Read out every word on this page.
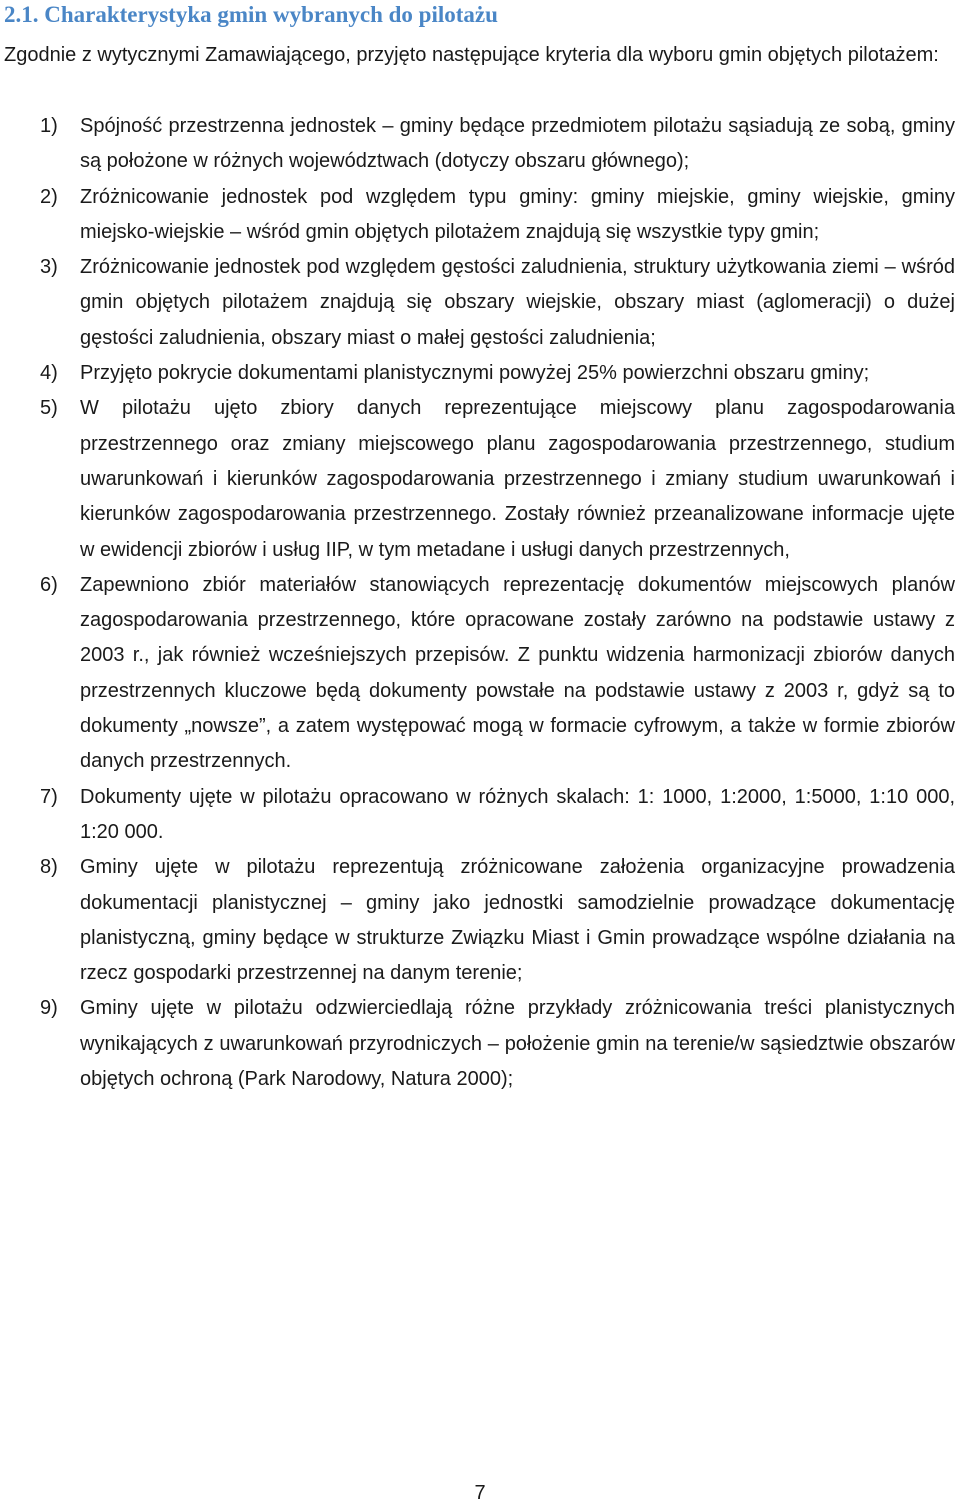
2.1. Charakterystyka gmin wybranych do pilotażu

Zgodnie z wytycznymi Zamawiającego, przyjęto następujące kryteria dla wyboru gmin objętych pilotażem:

1)	Spójność przestrzenna jednostek – gminy będące przedmiotem pilotażu sąsiadują ze sobą, gminy są położone w różnych województwach (dotyczy obszaru głównego);
2)	Zróżnicowanie jednostek pod względem typu gminy: gminy miejskie, gminy wiejskie, gminy miejsko-wiejskie – wśród gmin objętych pilotażem znajdują się wszystkie typy gmin;
3)	Zróżnicowanie jednostek pod względem gęstości zaludnienia, struktury użytkowania ziemi – wśród gmin objętych pilotażem znajdują się obszary wiejskie, obszary miast (aglomeracji) o dużej gęstości zaludnienia, obszary miast o małej gęstości zaludnienia;
4)	Przyjęto pokrycie dokumentami planistycznymi powyżej 25% powierzchni obszaru gminy;
5)	W pilotażu ujęto zbiory danych reprezentujące miejscowy planu zagospodarowania przestrzennego oraz zmiany miejscowego planu zagospodarowania przestrzennego, studium uwarunkowań i kierunków zagospodarowania przestrzennego i zmiany studium uwarunkowań i kierunków zagospodarowania przestrzennego. Zostały również przeanalizowane informacje ujęte w ewidencji zbiorów i usług IIP, w tym metadane i usługi danych przestrzennych,
6)	Zapewniono zbiór materiałów stanowiących reprezentację dokumentów miejscowych planów zagospodarowania przestrzennego, które opracowane zostały zarówno na podstawie ustawy z 2003 r., jak również wcześniejszych przepisów. Z punktu widzenia harmonizacji zbiorów danych przestrzennych kluczowe będą dokumenty powstałe na podstawie ustawy z 2003 r, gdyż są to dokumenty „nowsze”, a zatem występować mogą w formacie cyfrowym, a także w formie zbiorów danych przestrzennych.
7)	Dokumenty ujęte w pilotażu opracowano w różnych skalach: 1: 1000, 1:2000, 1:5000, 1:10 000, 1:20 000.
8)	Gminy ujęte w pilotażu reprezentują zróżnicowane założenia organizacyjne prowadzenia dokumentacji planistycznej – gminy jako jednostki samodzielnie prowadzące dokumentację planistyczną, gminy będące w strukturze Związku Miast i Gmin prowadzące wspólne działania na rzecz gospodarki przestrzennej na danym terenie;
9)	Gminy ujęte w pilotażu odzwierciedlają różne przykłady zróżnicowania treści planistycznych wynikających z uwarunkowań przyrodniczych – położenie gmin na terenie/w sąsiedztwie obszarów objętych ochroną (Park Narodowy, Natura 2000);
7
